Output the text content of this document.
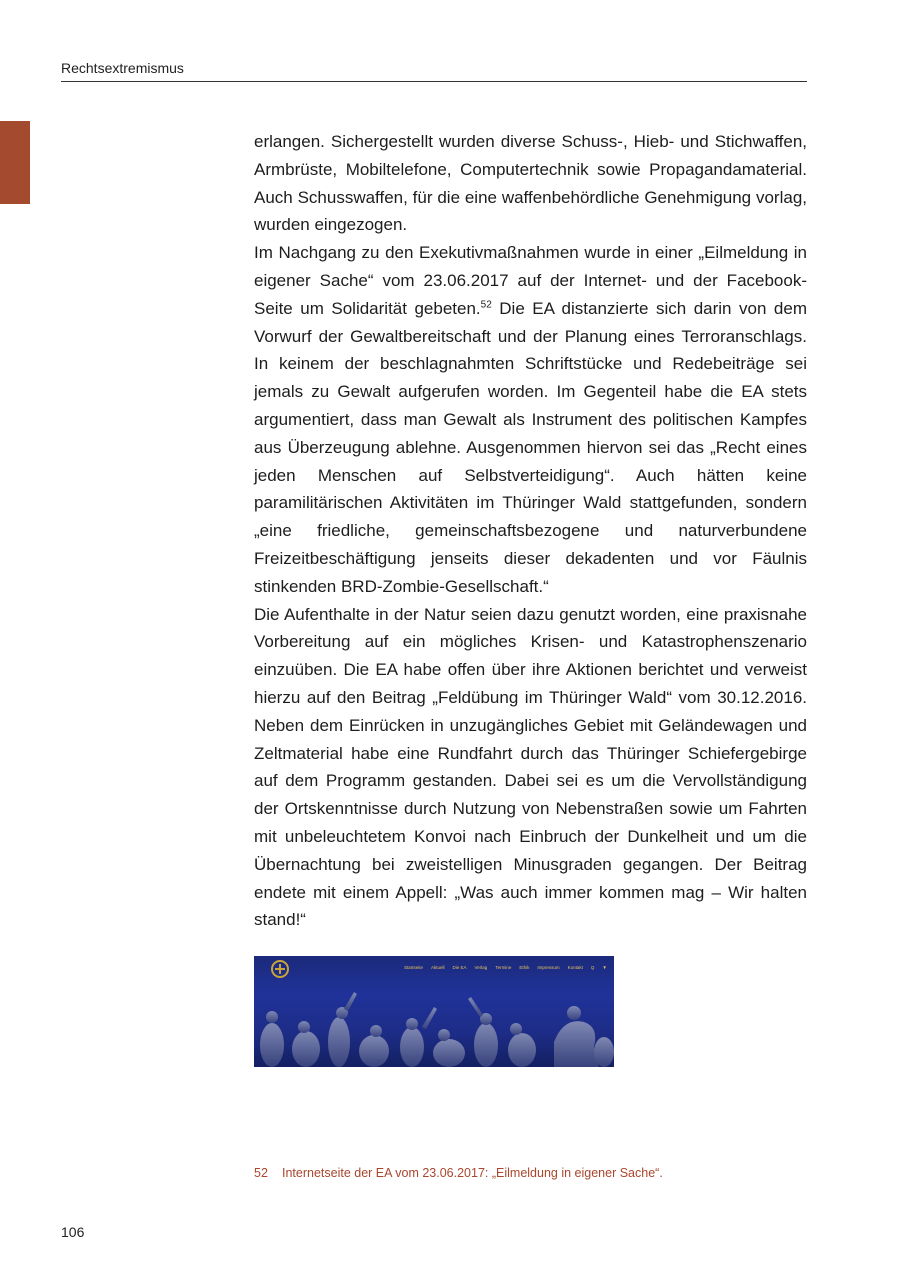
Rechtsextremismus

erlangen. Sichergestellt wurden diverse Schuss-, Hieb- und Stichwaffen, Armbrüste, Mobiltelefone, Computertechnik sowie Propagandamaterial. Auch Schusswaffen, für die eine waffenbehördliche Genehmigung vorlag, wurden eingezogen.

Im Nachgang zu den Exekutivmaßnahmen wurde in einer „Eilmeldung in eigener Sache“ vom 23.06.2017 auf der Internet- und der Facebook-Seite um Solidarität gebeten.$^{52}$ Die EA distanzierte sich darin von dem Vorwurf der Gewaltbereitschaft und der Planung eines Terroranschlags. In keinem der beschlagnahmten Schriftstücke und Redebeiträge sei jemals zu Gewalt aufgerufen worden. Im Gegenteil habe die EA stets argumentiert, dass man Gewalt als Instrument des politischen Kampfes aus Überzeugung ablehne. Ausgenommen hiervon sei das „Recht eines jeden Menschen auf Selbstverteidigung“. Auch hätten keine paramilitärischen Aktivitäten im Thüringer Wald stattgefunden, sondern „eine friedliche, gemeinschaftsbezogene und naturverbundene Freizeitbeschäftigung jenseits dieser dekadenten und vor Fäulnis stinkenden BRD-Zombie-Gesellschaft.“

Die Aufenthalte in der Natur seien dazu genutzt worden, eine praxisnahe Vorbereitung auf ein mögliches Krisen- und Katastrophenszenario einzuüben. Die EA habe offen über ihre Aktionen berichtet und verweist hierzu auf den Beitrag „Feldübung im Thüringer Wald“ vom 30.12.2016. Neben dem Einrücken in unzugängliches Gebiet mit Geländewagen und Zeltmaterial habe eine Rundfahrt durch das Thüringer Schiefergebirge auf dem Programm gestanden. Dabei sei es um die Vervollständigung der Ortskenntnisse durch Nutzung von Nebenstraßen sowie um Fahrten mit unbeleuchtetem Konvoi nach Einbruch der Dunkelheit und um die Übernachtung bei zweistelligen Minusgraden gegangen. Der Beitrag endete mit einem Appell: „Was auch immer kommen mag – Wir halten stand!“

Startseite Aktuell Die EA Verlag Termine Ethik Impressum Kontakt Q ▼
52 Internetseite der EA vom 23.06.2017: „Eilmeldung in eigener Sache“.
106
